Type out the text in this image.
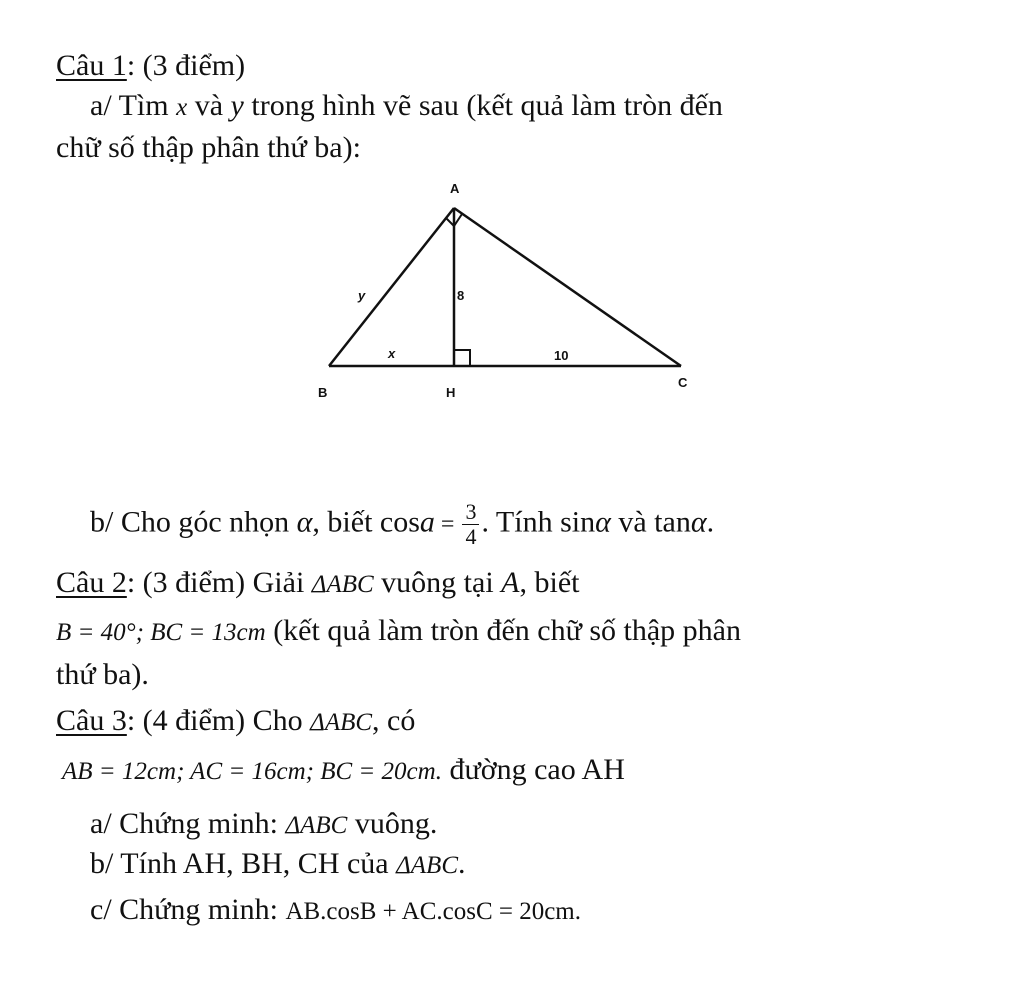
Câu 1: (3 điểm)
a/ Tìm x và y trong hình vẽ sau (kết quả làm tròn đến
chữ số thập phân thứ ba):
A
B
C
H
y	8
x	10
b/ Cho góc nhọn α, biết $\cos a = \frac{3}{4}$ . Tính sinα và tanα.
Câu 2: (3 điểm) Giải ΔABC vuông tại A, biết
B = 40°; BC = 13cm (kết quả làm tròn đến chữ số thập phân
thứ ba).
Câu 3: (4 điểm) Cho ΔABC, có
AB = 12cm; AC = 16cm; BC = 20cm. đường cao AH
a/ Chứng minh: ΔABC vuông.
b/ Tính AH, BH, CH của ΔABC.
c/ Chứng minh: AB.cosB + AC.cosC = 20cm.
